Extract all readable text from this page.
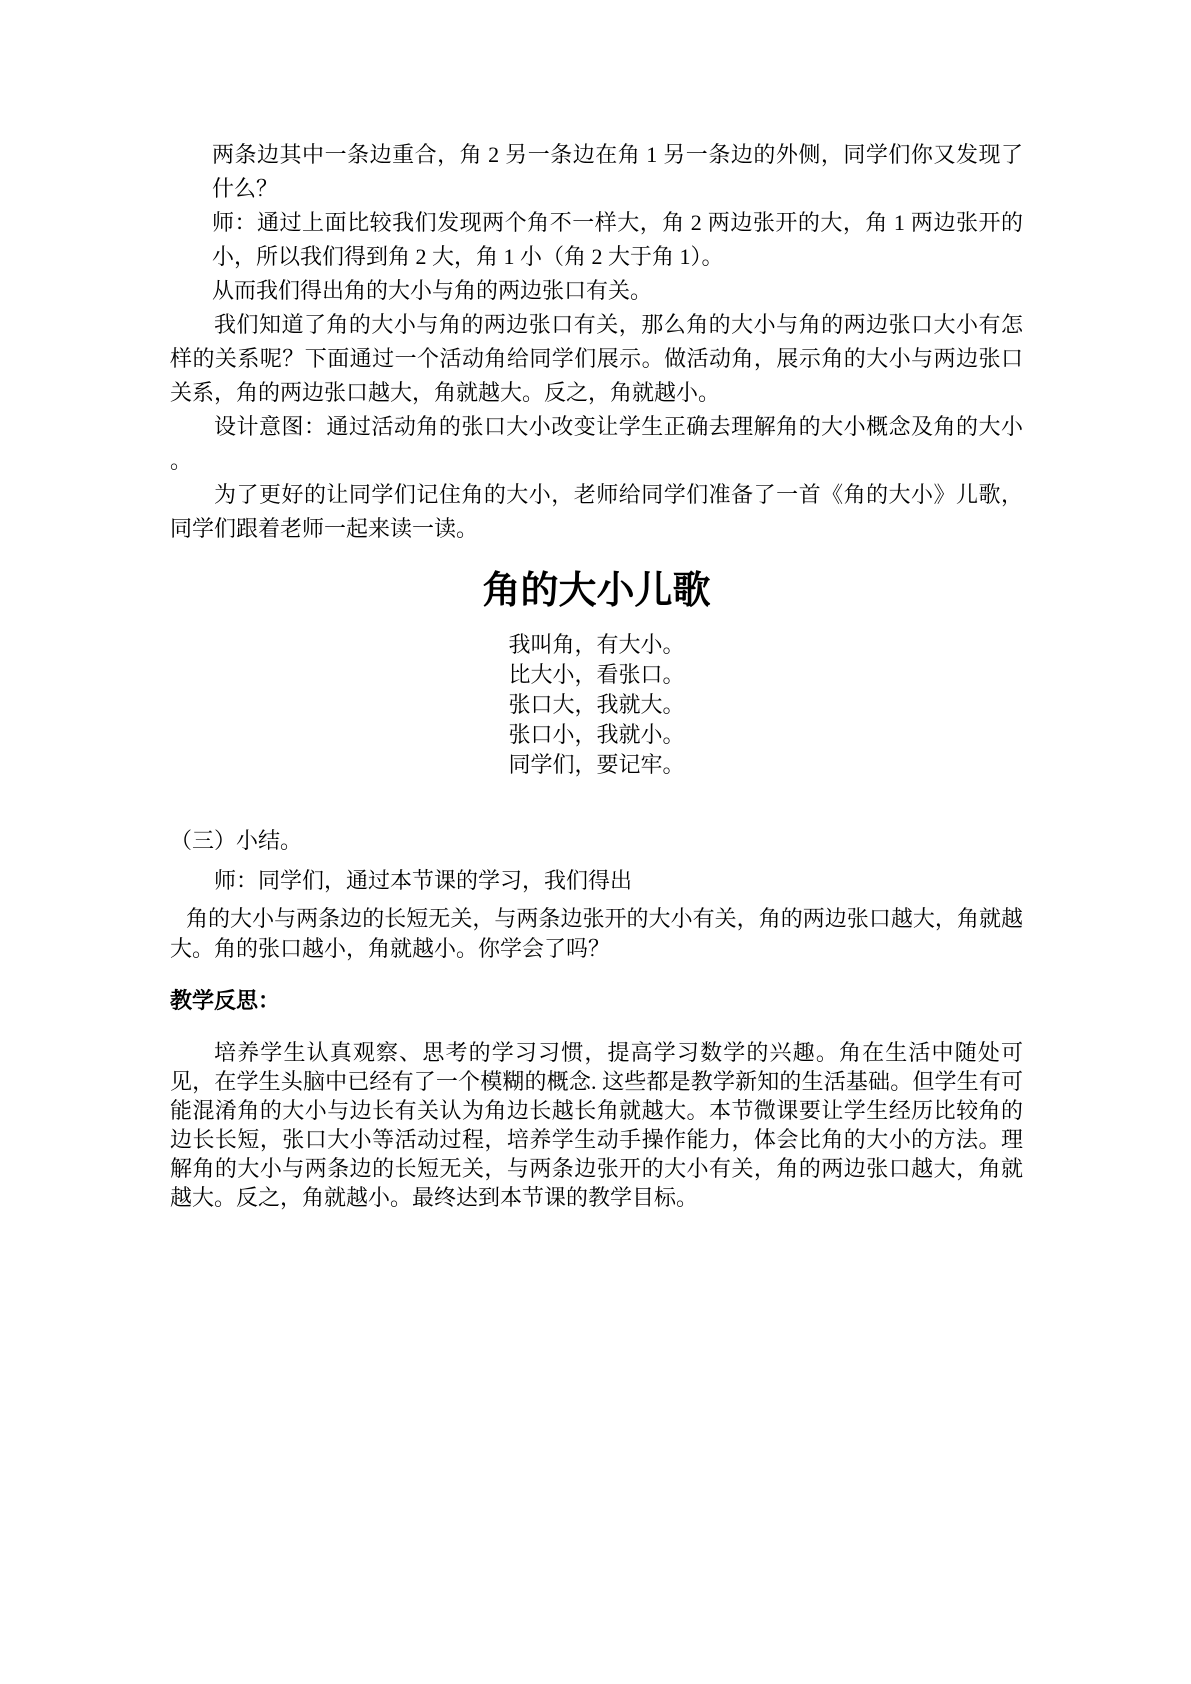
两条边其中一条边重合，角 2 另一条边在角 1 另一条边的外侧，同学们你又发现了什么？

师：通过上面比较我们发现两个角不一样大，角 2 两边张开的大，角 1 两边张开的小，所以我们得到角 2 大，角 1 小（角 2 大于角 1）。

从而我们得出角的大小与角的两边张口有关。

我们知道了角的大小与角的两边张口有关，那么角的大小与角的两边张口大小有怎样的关系呢？下面通过一个活动角给同学们展示。做活动角，展示角的大小与两边张口关系，角的两边张口越大，角就越大。反之，角就越小。

设计意图：通过活动角的张口大小改变让学生正确去理解角的大小概念及角的大小 。

为了更好的让同学们记住角的大小，老师给同学们准备了一首《角的大小》儿歌，同学们跟着老师一起来读一读。

角的大小儿歌
我叫角，有大小。
比大小，看张口。
张口大，我就大。
张口小，我就小。
同学们，要记牢。
（三）小结。
师：同学们，通过本节课的学习，我们得出

角的大小与两条边的长短无关，与两条边张开的大小有关，角的两边张口越大，角就越大。角的张口越小，角就越小。你学会了吗？

教学反思：

培养学生认真观察、思考的学习习惯，提高学习数学的兴趣。角在生活中随处可见，在学生头脑中已经有了一个模糊的概念. 这些都是教学新知的生活基础。但学生有可能混淆角的大小与边长有关认为角边长越长角就越大。本节微课要让学生经历比较角的边长长短，张口大小等活动过程，培养学生动手操作能力，体会比角的大小的方法。理解角的大小与两条边的长短无关，与两条边张开的大小有关，角的两边张口越大，角就越大。反之，角就越小。最终达到本节课的教学目标。
